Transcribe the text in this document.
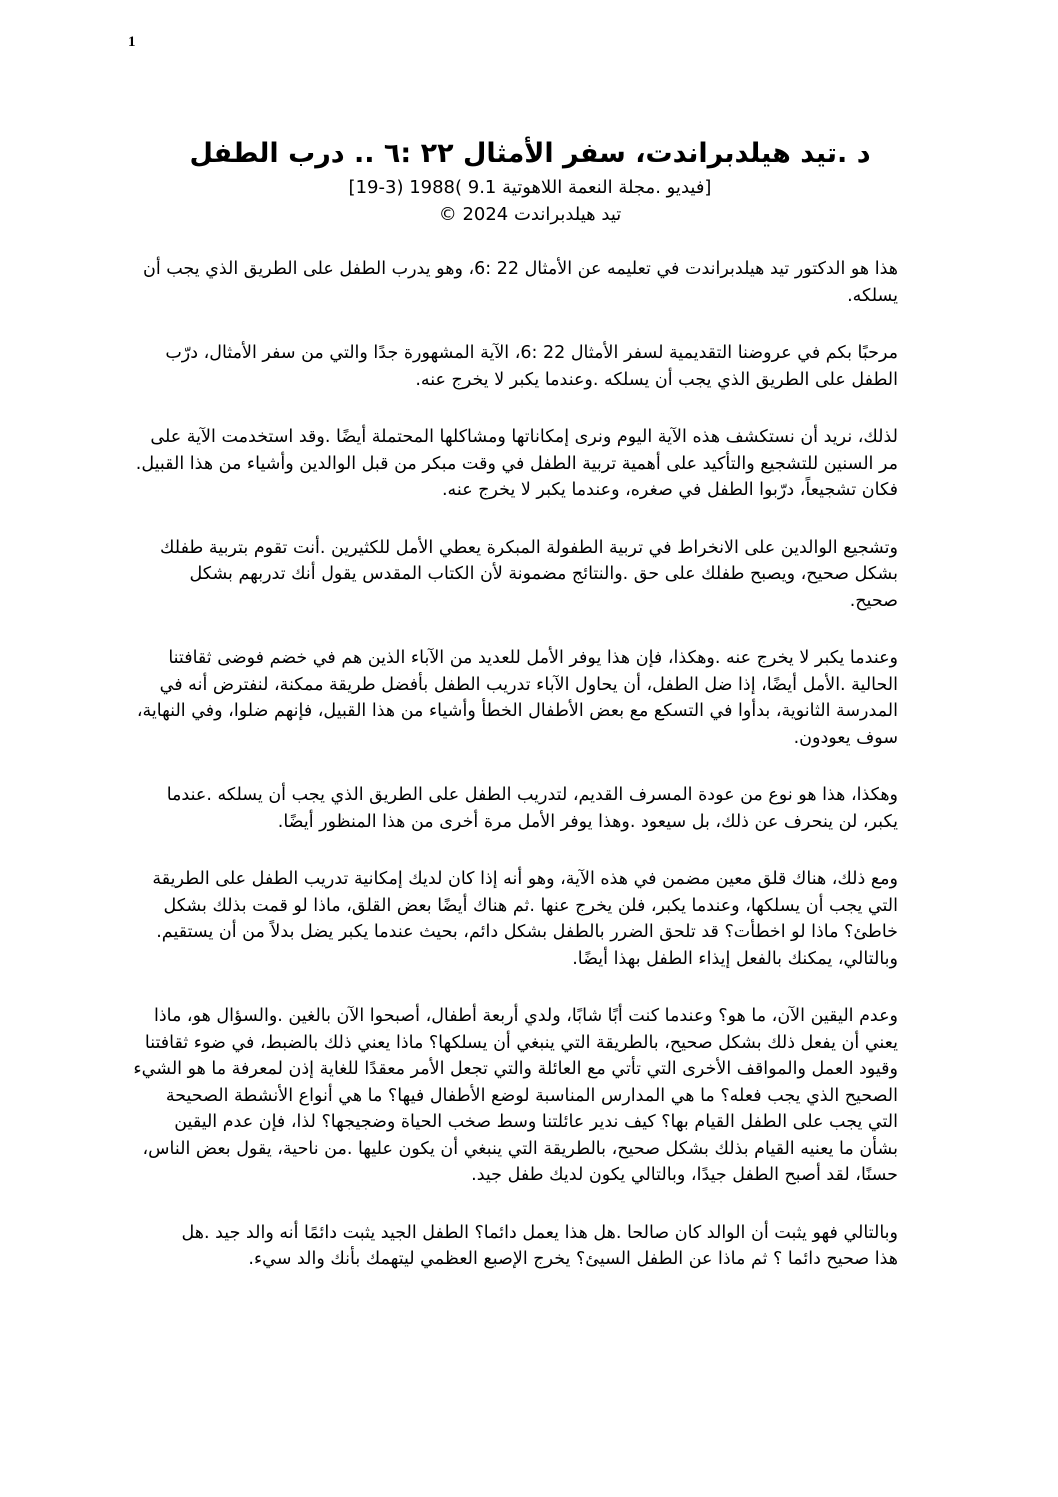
1
د .تيد هيلدبراندت، سفر الأمثال ٢٢ :٦ .. درب الطفل
[فيديو .مجلة النعمة اللاهوتية 9.1 )1988 (3-19]
تيد هيلدبراندت 2024 ©
هذا هو الدكتور تيد هيلدبراندت في تعليمه عن الأمثال 22 :6، وهو يدرب الطفل على الطريق الذي يجب أن
يسلكه.
مرحبًا بكم في عروضنا التقديمية لسفر الأمثال 22 :6، الآية المشهورة جدًا والتي من سفر الأمثال، درّب
الطفل على الطريق الذي يجب أن يسلكه .وعندما يكبر لا يخرج عنه.
لذلك، نريد أن نستكشف هذه الآية اليوم ونرى إمكاناتها ومشاكلها المحتملة أيضًا .وقد استخدمت الآية على
مر السنين للتشجيع والتأكيد على أهمية تربية الطفل في وقت مبكر من قبل الوالدين وأشياء من هذا القبيل.
فكان تشجيعاً، درّبوا الطفل في صغره، وعندما يكبر لا يخرج عنه.
وتشجيع الوالدين على الانخراط في تربية الطفولة المبكرة يعطي الأمل للكثيرين .أنت تقوم بتربية طفلك
بشكل صحيح، ويصبح طفلك على حق .والنتائج مضمونة لأن الكتاب المقدس يقول أنك تدربهم بشكل
صحيح.
وعندما يكبر لا يخرج عنه .وهكذا، فإن هذا يوفر الأمل للعديد من الآباء الذين هم في خضم فوضى ثقافتنا
الحالية .الأمل أيضًا، إذا ضل الطفل، أن يحاول الآباء تدريب الطفل بأفضل طريقة ممكنة، لنفترض أنه في
المدرسة الثانوية، بدأوا في التسكع مع بعض الأطفال الخطأ وأشياء من هذا القبيل، فإنهم ضلوا، وفي النهاية،
سوف يعودون.
وهكذا، هذا هو نوع من عودة المسرف القديم، لتدريب الطفل على الطريق الذي يجب أن يسلكه .عندما
يكبر، لن ينحرف عن ذلك، بل سيعود .وهذا يوفر الأمل مرة أخرى من هذا المنظور أيضًا.
ومع ذلك، هناك قلق معين مضمن في هذه الآية، وهو أنه إذا كان لديك إمكانية تدريب الطفل على الطريقة
التي يجب أن يسلكها، وعندما يكبر، فلن يخرج عنها .ثم هناك أيضًا بعض القلق، ماذا لو قمت بذلك بشكل
خاطئ؟ ماذا لو اخطأت؟ قد تلحق الضرر بالطفل بشكل دائم، بحيث عندما يكبر يضل بدلاً من أن يستقيم.
وبالتالي، يمكنك بالفعل إيذاء الطفل بهذا أيضًا.
وعدم اليقين الآن، ما هو؟ وعندما كنت أبًا شابًا، ولدي أربعة أطفال، أصبحوا الآن بالغين .والسؤال هو، ماذا
يعني أن يفعل ذلك بشكل صحيح، بالطريقة التي ينبغي أن يسلكها؟ ماذا يعني ذلك بالضبط، في ضوء ثقافتنا
وقيود العمل والمواقف الأخرى التي تأتي مع العائلة والتي تجعل الأمر معقدًا للغاية إذن لمعرفة ما هو الشيء
الصحيح الذي يجب فعله؟ ما هي المدارس المناسبة لوضع الأطفال فيها؟ ما هي أنواع الأنشطة الصحيحة
التي يجب على الطفل القيام بها؟ كيف ندير عائلتنا وسط صخب الحياة وضجيجها؟ لذا، فإن عدم اليقين
بشأن ما يعنيه القيام بذلك بشكل صحيح، بالطريقة التي ينبغي أن يكون عليها .من ناحية، يقول بعض الناس،
حسنًا، لقد أصبح الطفل جيدًا، وبالتالي يكون لديك طفل جيد.
وبالتالي فهو يثبت أن الوالد كان صالحا .هل هذا يعمل دائما؟ الطفل الجيد يثبت دائمًا أنه والد جيد .هل
هذا صحيح دائما ؟ ثم ماذا عن الطفل السيئ؟ يخرج الإصبع العظمي ليتهمك بأنك والد سيء.
